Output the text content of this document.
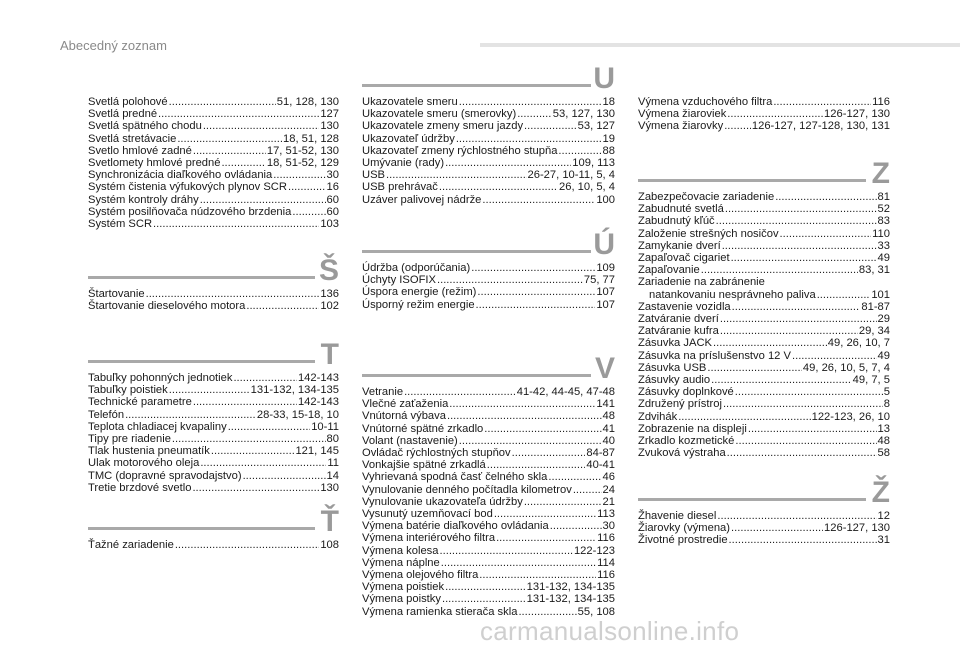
Abecedný zoznam
Svetlá polohové .....	51, 128, 130
Svetlá predné .....	127
Svetlá spätného chodu .....	130
Svetlá stretávacie .....	18, 51, 128
Svetlo hmlové zadné .....	17, 51-52, 130
Svetlomety hmlové predné .....	18, 51-52, 129
Synchronizácia diaľkového ovládania .....	30
Systém čistenia výfukových plynov SCR .....	16
Systém kontroly dráhy .....	60
Systém posilňovača núdzového brzdenia .....	60
Systém SCR .....	103
Š
Štartovanie .....	136
Štartovanie dieselového motora .....	102
T
Tabuľky pohonných jednotiek .....	142-143
Tabuľky poistiek .....	131-132, 134-135
Technické parametre .....	142-143
Telefón .....	28-33, 15-18, 10
Teplota chladiacej kvapaliny .....	10-11
Tipy pre riadenie .....	80
Tlak hustenia pneumatík .....	121, 145
Ulak motorového oleja .....	11
TMC (dopravné spravodajstvo) .....	14
Tretie brzdové svetlo .....	130
Ť
Ťažné zariadenie .....	108
U
Ukazovatele smeru .....	18
Ukazovatele smeru (smerovky) .....	53, 127, 130
Ukazovatele zmeny smeru jazdy .....	53, 127
Ukazovateľ údržby .....	19
Ukazovateľ zmeny rýchlostného stupňa .....	88
Umývanie (rady) .....	109, 113
USB .....	26-27, 10-11, 5, 4
USB prehrávač .....	26, 10, 5, 4
Uzáver palivovej nádrže .....	100
Ú
Údržba (odporúčania) .....	109
Úchyty ISOFIX .....	75, 77
Úspora energie (režim) .....	107
Úsporný režim energie .....	107
V
Vetranie .....	41-42, 44-45, 47-48
Vlečné zaťaženia .....	141
Vnútorná výbava .....	48
Vnútorné spätné zrkadlo .....	41
Volant (nastavenie) .....	40
Ovládač rýchlostných stupňov .....	84-87
Vonkajšie spätné zrkadlá .....	40-41
Vyhrievaná spodná časť čelného skla .....	46
Vynulovanie denného počítadla kilometrov .....	24
Vynulovanie ukazovateľa údržby .....	21
Vysunutý uzemňovací bod .....	113
Výmena batérie diaľkového ovládania .....	30
Výmena interiérového filtra .....	116
Výmena kolesa .....	122-123
Výmena náplne .....	114
Výmena olejového filtra .....	116
Výmena poistiek .....	131-132, 134-135
Výmena poistky .....	131-132, 134-135
Výmena ramienka stierača skla .....	55, 108
Výmena vzduchového filtra .....	116
Výmena žiaroviek .....	126-127, 130
Výmena žiarovky .....	126-127, 127-128, 130, 131
Z
Zabezpečovacie zariadenie .....	81
Zabudnuté svetlá .....	52
Zabudnutý kľúč .....	83
Založenie strešných nosičov .....	110
Zamykanie dverí .....	33
Zapaľovač cigariet .....	49
Zapaľovanie .....	83, 31
Zariadenie na zabránenie
natankovaniu nesprávneho paliva .....	101
Zastavenie vozidla .....	81-87
Zatváranie dverí .....	29
Zatváranie kufra .....	29, 34
Zásuvka JACK .....	49, 26, 10, 7
Zásuvka na príslušenstvo 12 V .....	49
Zásuvka USB .....	49, 26, 10, 5, 7, 4
Zásuvky audio .....	49, 7, 5
Zásuvky doplnkové .....	5
Združený prístroj .....	8
Zdvihák .....	122-123, 26, 10
Zobrazenie na displeji .....	13
Zrkadlo kozmetické .....	48
Zvuková výstraha .....	58
Ž
Žhavenie diesel .....	12
Žiarovky (výmena) .....	126-127, 130
Životné prostredie .....	31
carmanualsonline.info
